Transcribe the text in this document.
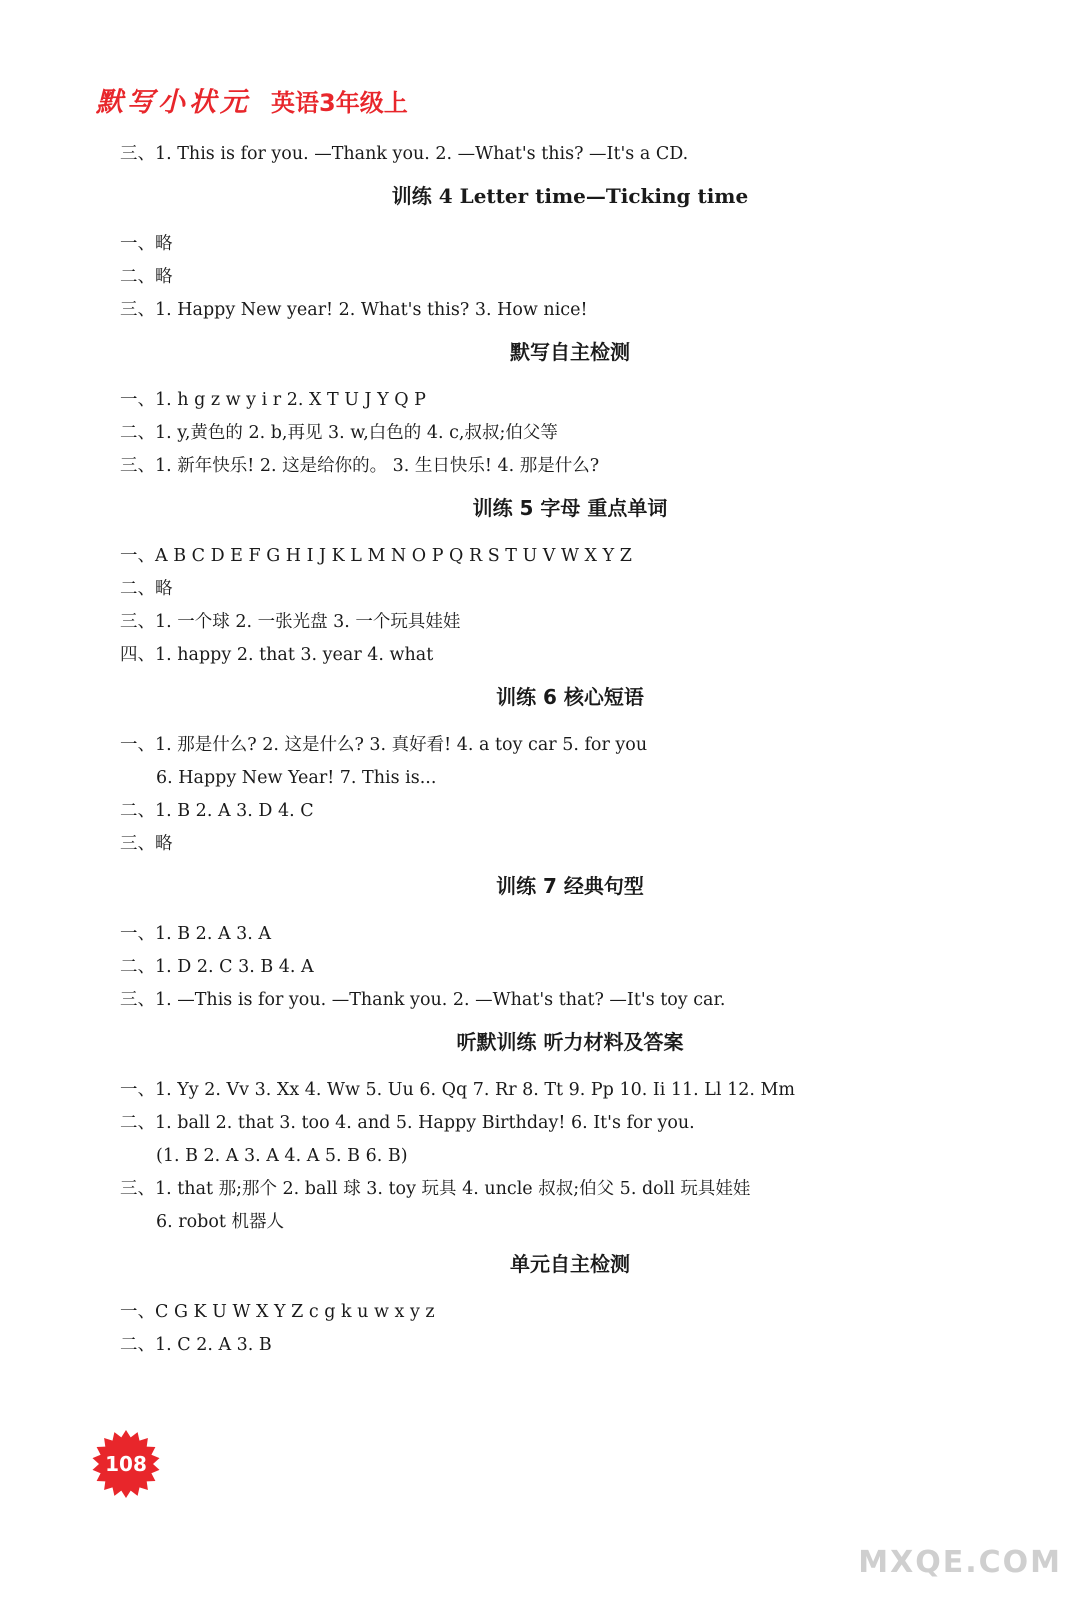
默写小状元 英语3年级上
三、1. This is for you. —Thank you. 2. —What's this? —It's a CD.
训练 4 Letter time—Ticking time
一、略
二、略
三、1. Happy New year! 2. What's this? 3. How nice!
默写自主检测
一、1. h g z w y i r 2. X T U J Y Q P
二、1. y,黄色的 2. b,再见 3. w,白色的 4. c,叔叔;伯父等
三、1. 新年快乐! 2. 这是给你的。 3. 生日快乐! 4. 那是什么?
训练 5 字母 重点单词
一、A B C D E F G H I J K L M N O P Q R S T U V W X Y Z
二、略
三、1. 一个球 2. 一张光盘 3. 一个玩具娃娃
四、1. happy 2. that 3. year 4. what
训练 6 核心短语
一、1. 那是什么? 2. 这是什么? 3. 真好看! 4. a toy car 5. for you
6. Happy New Year! 7. This is...
二、1. B 2. A 3. D 4. C
三、略
训练 7 经典句型
一、1. B 2. A 3. A
二、1. D 2. C 3. B 4. A
三、1. —This is for you. —Thank you. 2. —What's that? —It's toy car.
听默训练 听力材料及答案
一、1. Yy 2. Vv 3. Xx 4. Ww 5. Uu 6. Qq 7. Rr 8. Tt 9. Pp 10. Ii 11. Ll 12. Mm
二、1. ball 2. that 3. too 4. and 5. Happy Birthday! 6. It's for you.
(1. B 2. A 3. A 4. A 5. B 6. B)
三、1. that 那;那个 2. ball 球 3. toy 玩具 4. uncle 叔叔;伯父 5. doll 玩具娃娃
6. robot 机器人
单元自主检测
一、C G K U W X Y Z c g k u w x y z
二、1. C 2. A 3. B
108
MXQE.COM
